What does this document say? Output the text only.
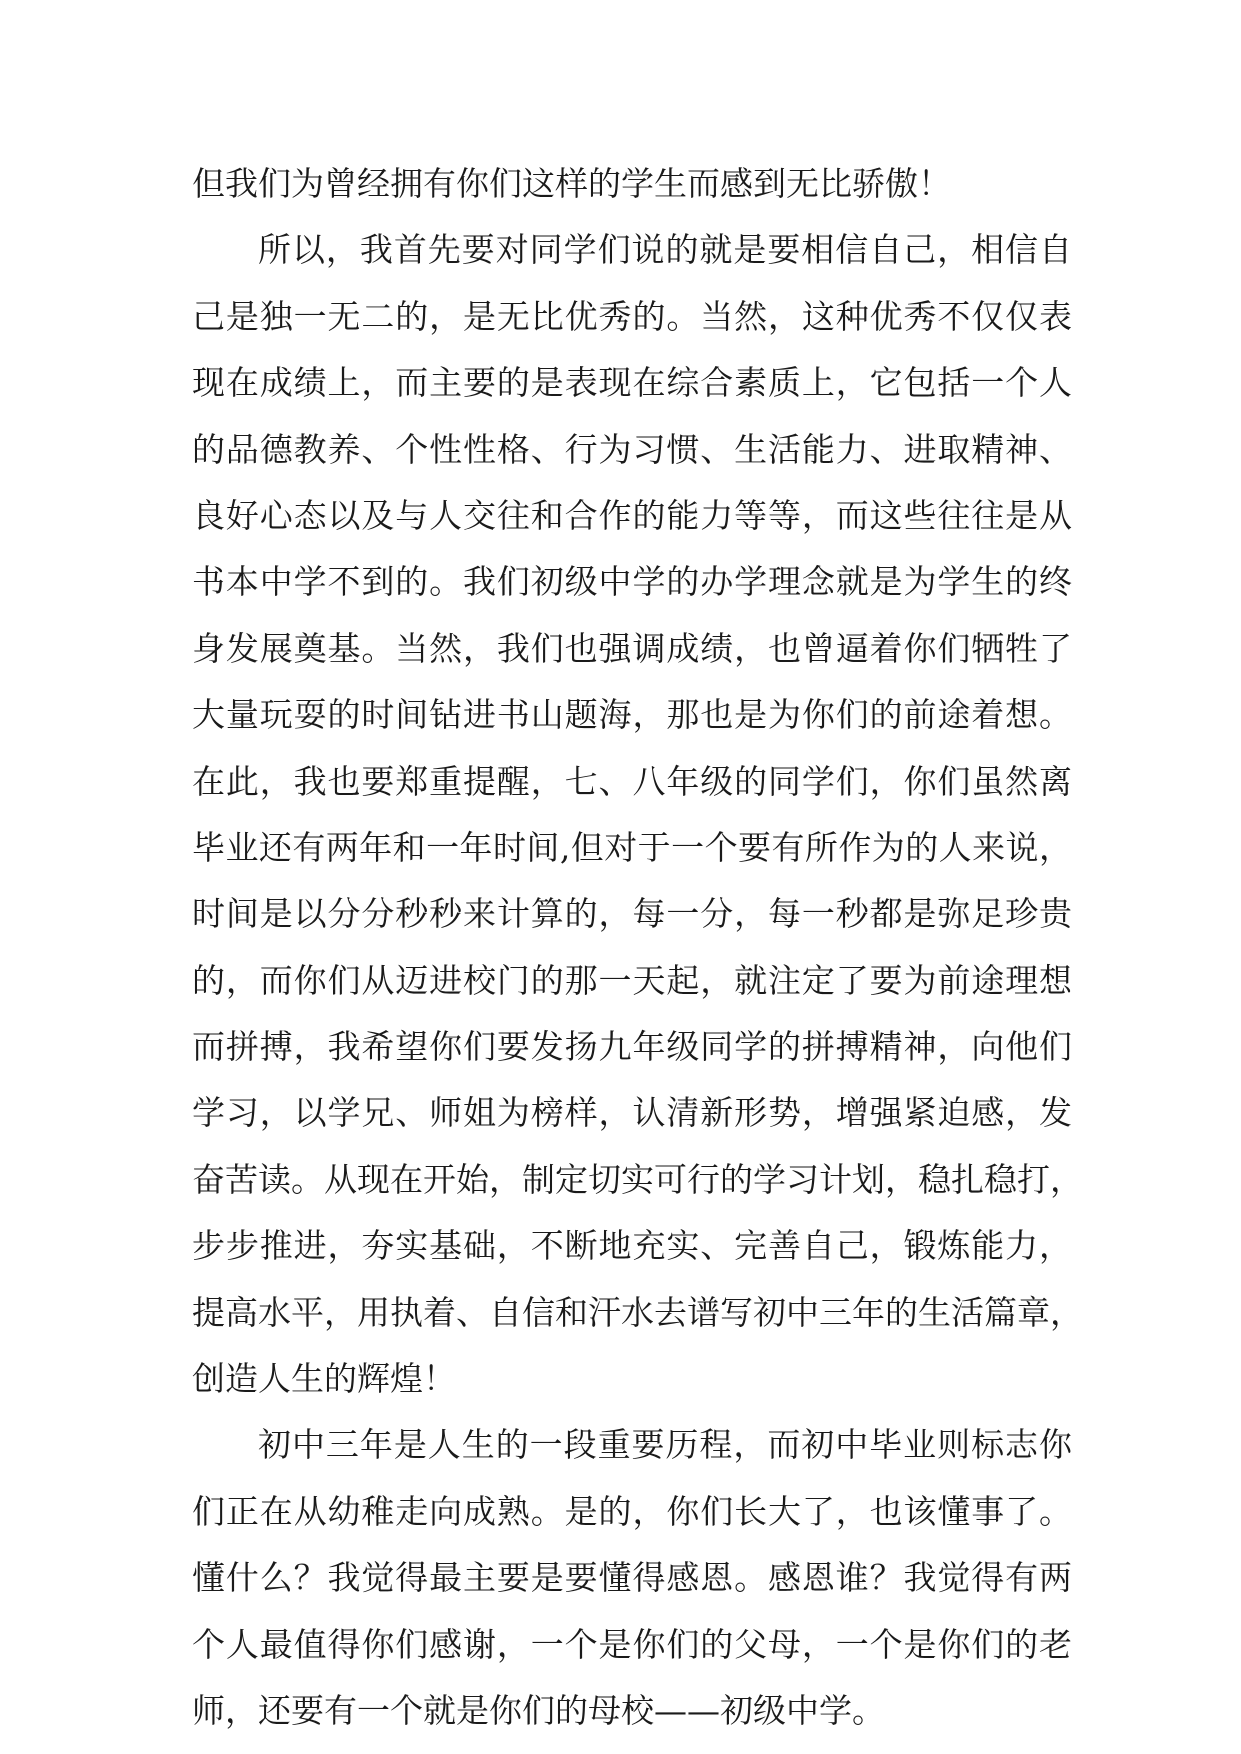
但我们为曾经拥有你们这样的学生而感到无比骄傲！
所以，我首先要对同学们说的就是要相信自己，相信自
己是独一无二的，是无比优秀的。当然，这种优秀不仅仅表
现在成绩上，而主要的是表现在综合素质上，它包括一个人
的品德教养、个性性格、行为习惯、生活能力、进取精神、
良好心态以及与人交往和合作的能力等等，而这些往往是从
书本中学不到的。我们初级中学的办学理念就是为学生的终
身发展奠基。当然，我们也强调成绩，也曾逼着你们牺牲了
大量玩耍的时间钻进书山题海，那也是为你们的前途着想。
在此，我也要郑重提醒，七、八年级的同学们，你们虽然离
毕业还有两年和一年时间,但对于一个要有所作为的人来说，
时间是以分分秒秒来计算的，每一分，每一秒都是弥足珍贵
的，而你们从迈进校门的那一天起，就注定了要为前途理想
而拼搏，我希望你们要发扬九年级同学的拼搏精神，向他们
学习，以学兄、师姐为榜样，认清新形势，增强紧迫感，发
奋苦读。从现在开始，制定切实可行的学习计划，稳扎稳打，
步步推进，夯实基础，不断地充实、完善自己，锻炼能力，
提高水平，用执着、自信和汗水去谱写初中三年的生活篇章，
创造人生的辉煌！
初中三年是人生的一段重要历程，而初中毕业则标志你
们正在从幼稚走向成熟。是的，你们长大了，也该懂事了。
懂什么？我觉得最主要是要懂得感恩。感恩谁？我觉得有两
个人最值得你们感谢，一个是你们的父母，一个是你们的老
师，还要有一个就是你们的母校——初级中学。
